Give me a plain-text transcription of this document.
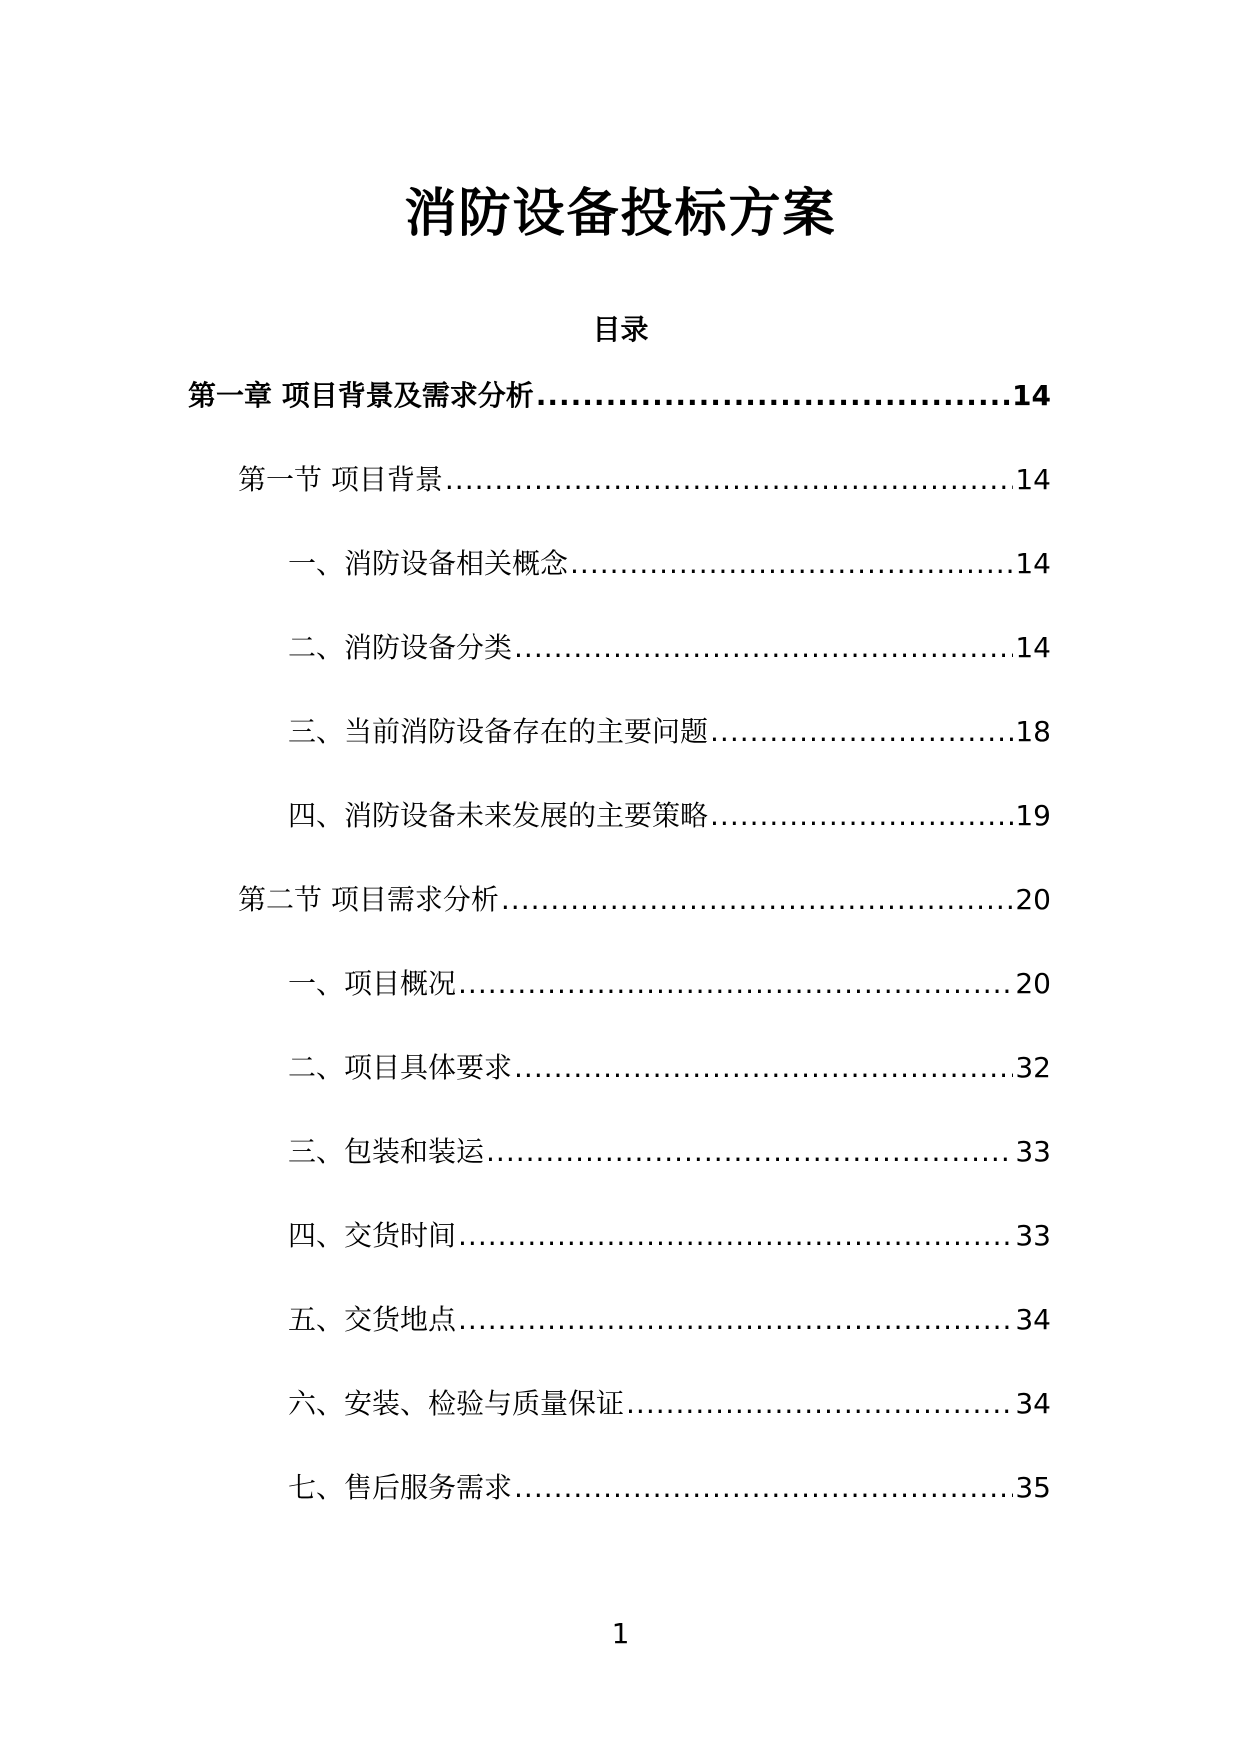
消防设备投标方案
目录
第一章 项目背景及需求分析 .....	14
第一节 项目背景 .....	14
一、消防设备相关概念 .....	14
二、消防设备分类 .....	14
三、当前消防设备存在的主要问题 .....	18
四、消防设备未来发展的主要策略 .....	19
第二节 项目需求分析 .....	20
一、项目概况 .....	20
二、项目具体要求 .....	32
三、包装和装运 .....	33
四、交货时间 .....	33
五、交货地点 .....	34
六、安装、检验与质量保证 .....	34
七、售后服务需求 .....	35
1
